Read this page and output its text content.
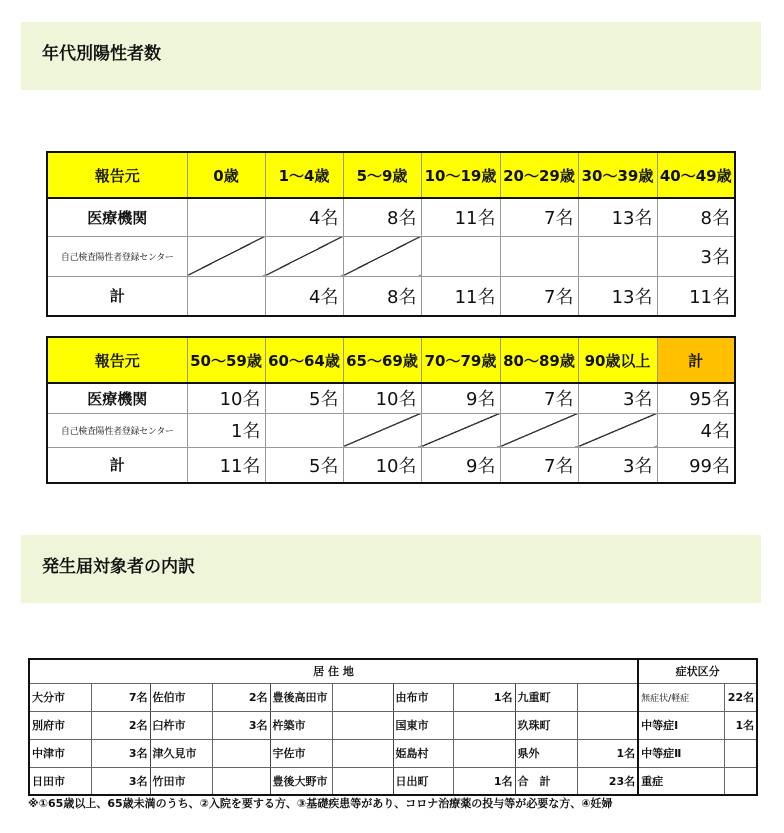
年代別陽性者数
報告元	0歳	1～4歳	5～9歳	10～19歳	20～29歳	30～39歳	40～49歳
医療機関		4名	8名	11名	7名	13名	8名
自己検査陽性者登録センター							3名
計		4名	8名	11名	7名	13名	11名
報告元	50～59歳	60～64歳	65～69歳	70～79歳	80～89歳	90歳以上	計
医療機関	10名	5名	10名	9名	7名	3名	95名
自己検査陽性者登録センター	1名						4名
計	11名	5名	10名	9名	7名	3名	99名
発生届対象者の内訳
居 住 地										症状区分	
大分市	7名	佐伯市	2名	豊後高田市		由布市	1名	九重町		無症状/軽症	22名
別府市	2名	臼杵市	3名	杵築市		国東市		玖珠町		中等症Ⅰ	1名
中津市	3名	津久見市		宇佐市		姫島村		県外	1名	中等症Ⅱ	
日田市	3名	竹田市		豊後大野市		日出町	1名	合　計	23名	重症	
※①65歳以上、65歳未満のうち、②入院を要する方、③基礎疾患等があり、コロナ治療薬の投与等が必要な方、④妊婦
